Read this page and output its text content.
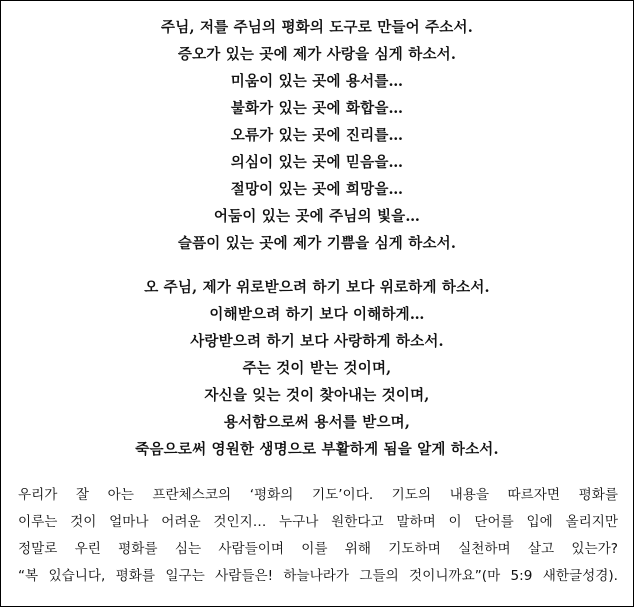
주님, 저를 주님의 평화의 도구로 만들어 주소서.
증오가 있는 곳에 제가 사랑을 심게 하소서.
미움이 있는 곳에 용서를…
불화가 있는 곳에 화합을…
오류가 있는 곳에 진리를…
의심이 있는 곳에 믿음을…
절망이 있는 곳에 희망을…
어둠이 있는 곳에 주님의 빛을…
슬픔이 있는 곳에 제가 기쁨을 심게 하소서.
오 주님, 제가 위로받으려 하기 보다 위로하게 하소서.
이해받으려 하기 보다 이해하게…
사랑받으려 하기 보다 사랑하게 하소서.
주는 것이 받는 것이며,
자신을 잊는 것이 찾아내는 것이며,
용서함으로써 용서를 받으며,
죽음으로써 영원한 생명으로 부활하게 됨을 알게 하소서.
우리가 잘 아는 프란체스코의 ‘평화의 기도’이다. 기도의 내용을 따르자면 평화를
이루는 것이 얼마나 어려운 것인지… 누구나 원한다고 말하며 이 단어를 입에 올리지만
정말로 우린 평화를 심는 사람들이며 이를 위해 기도하며 실천하며 살고 있는가?
“복 있습니다, 평화를 일구는 사람들은! 하늘나라가 그들의 것이니까요”(마 5:9 새한글성경).
